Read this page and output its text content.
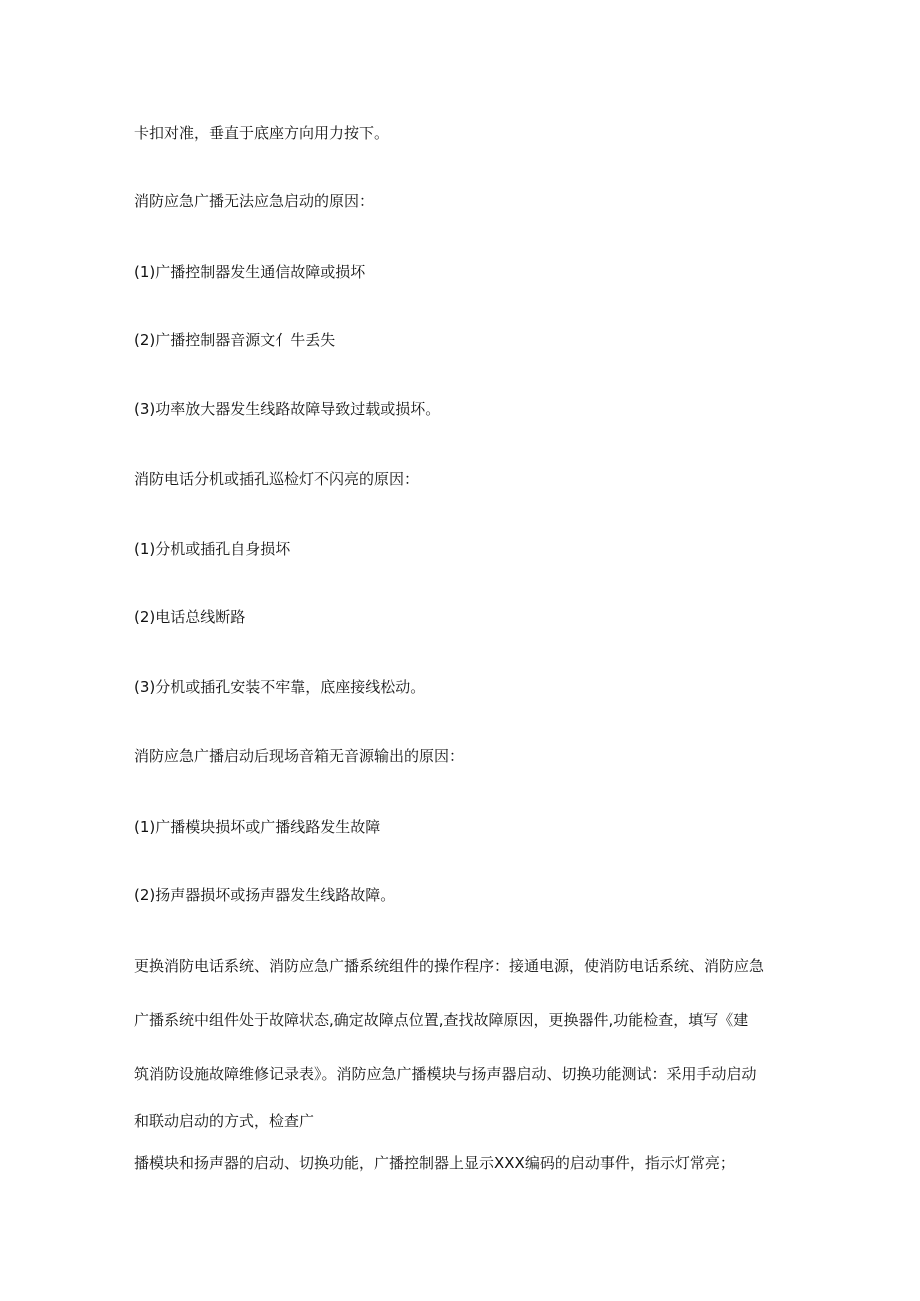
卡扣对准，垂直于底座方向用力按下。
消防应急广播无法应急启动的原因：
(1)广播控制器发生通信故障或损坏
(2)广播控制器音源文亻牛丢失
(3)功率放大器发生线路故障导致过载或损坏。
消防电话分机或插孔巡检灯不闪亮的原因：
(1)分机或插孔自身损坏
(2)电话总线断路
(3)分机或插孔安装不牢靠，底座接线松动。
消防应急广播启动后现场音箱无音源输出的原因：
(1)广播模块损坏或广播线路发生故障
(2)扬声器损坏或扬声器发生线路故障。
更换消防电话系统、消防应急广播系统组件的操作程序：接通电源，使消防电话系统、消防应急
广播系统中组件处于故障状态,确定故障点位置,查找故障原因，更换器件,功能检查，填写《建
筑消防设施故障维修记录表》。消防应急广播模块与扬声器启动、切换功能测试：采用手动启动
和联动启动的方式，检查广
播模块和扬声器的启动、切换功能，广播控制器上显示XXX编码的启动事件，指示灯常亮；
